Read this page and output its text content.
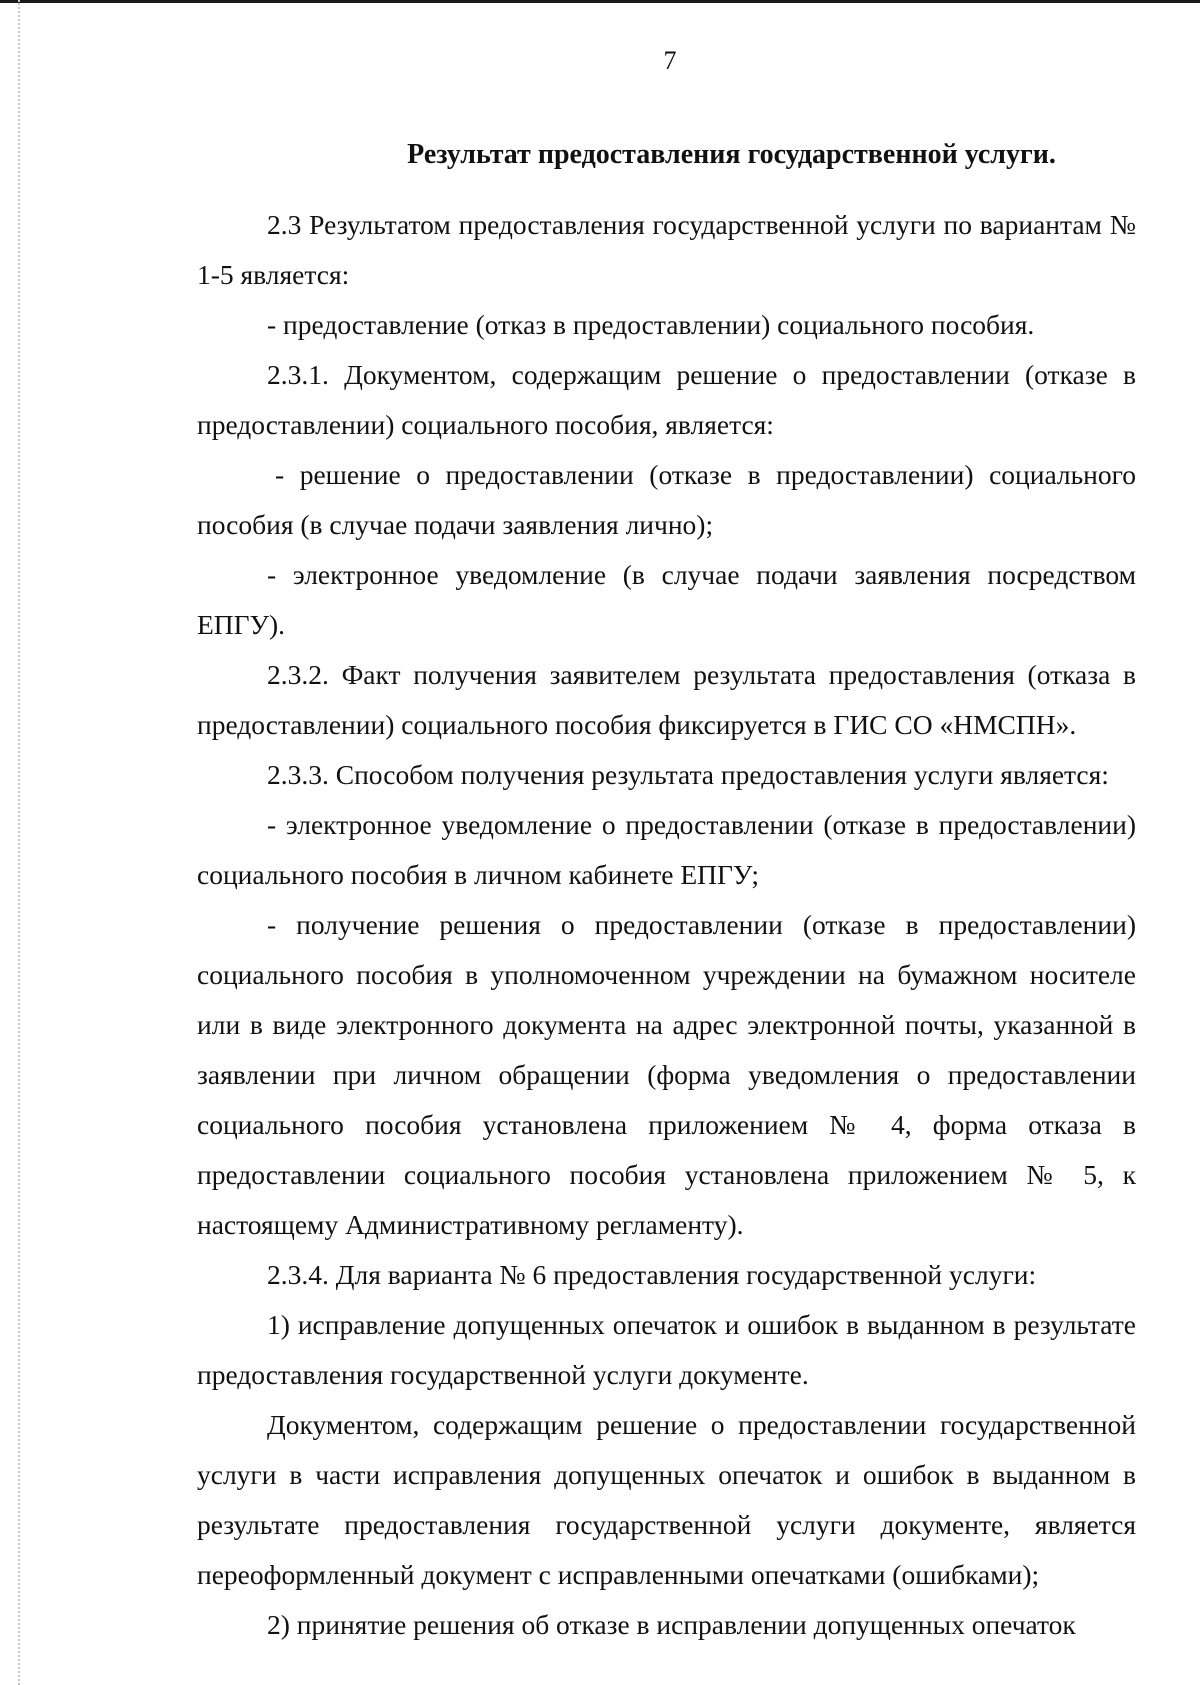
7
Результат предоставления государственной услуги.

2.3 Результатом предоставления государственной услуги по вариантам № 1-5 является:

- предоставление (отказ в предоставлении) социального пособия.

2.3.1. Документом, содержащим решение о предоставлении (отказе в предоставлении) социального пособия, является:

- решение о предоставлении (отказе в предоставлении) социального пособия (в случае подачи заявления лично);

- электронное уведомление (в случае подачи заявления посредством ЕПГУ).

2.3.2. Факт получения заявителем результата предоставления (отказа в предоставлении) социального пособия фиксируется в ГИС СО «НМСПН».

2.3.3. Способом получения результата предоставления услуги является:

- электронное уведомление о предоставлении (отказе в предоставлении) социального пособия в личном кабинете ЕПГУ;

- получение решения о предоставлении (отказе в предоставлении) социального пособия в уполномоченном учреждении на бумажном носителе или в виде электронного документа на адрес электронной почты, указанной в заявлении при личном обращении (форма уведомления о предоставлении социального пособия установлена приложением № 4, форма отказа в предоставлении социального пособия установлена приложением № 5, к настоящему Административному регламенту).

2.3.4. Для варианта № 6 предоставления государственной услуги:

1) исправление допущенных опечаток и ошибок в выданном в результате предоставления государственной услуги документе.

Документом, содержащим решение о предоставлении государственной услуги в части исправления допущенных опечаток и ошибок в выданном в результате предоставления государственной услуги документе, является переоформленный документ с исправленными опечатками (ошибками);

2) принятие решения об отказе в исправлении допущенных опечаток
